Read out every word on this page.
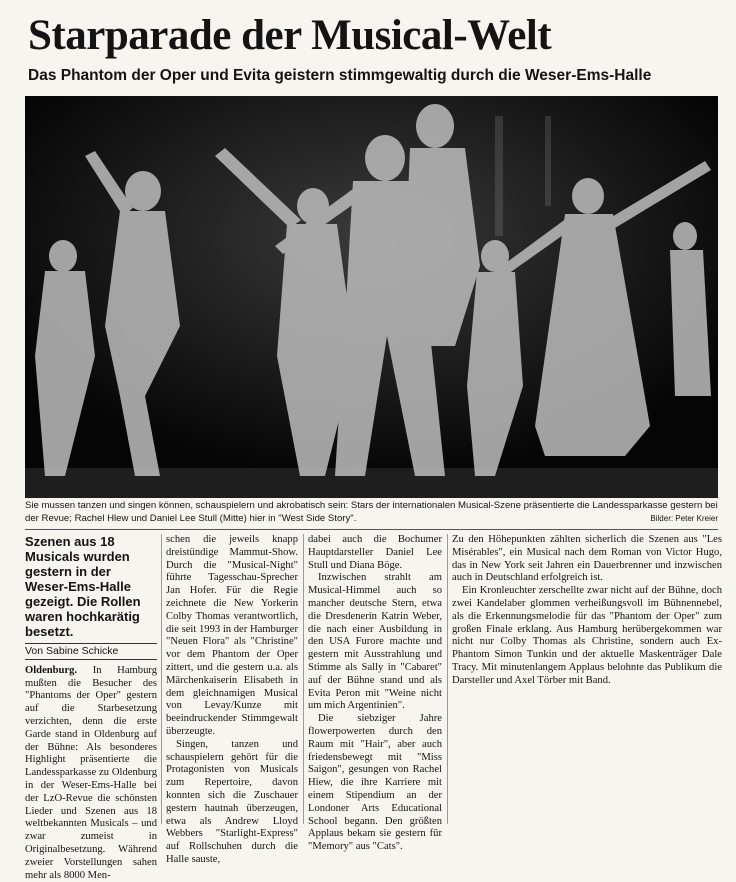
Starparade der Musical-Welt
Das Phantom der Oper und Evita geistern stimmgewaltig durch die Weser-Ems-Halle
Sie mussen tanzen und singen können, schauspielern und akrobatisch sein: Stars der internationalen Musical-Szene präsentierte die Landessparkasse gestern bei der Revue; Rachel Hlew und Daniel Lee Stull (Mitte) hier in "West Side Story".	Bilder: Peter Kreier
Szenen aus 18 Musicals wurden gestern in der Weser-Ems-Halle gezeigt. Die Rollen waren hochkarätig besetzt.
Von Sabine Schicke

Oldenburg. In Hamburg mußten die Besucher des "Phantoms der Oper" gestern auf die Starbesetzung verzichten, denn die erste Garde stand in Oldenburg auf der Bühne: Als besonderes Highlight präsentierte die Landessparkasse zu Oldenburg in der Weser-Ems-Halle bei der LzO-Revue die schönsten Lieder und Szenen aus 18 weltbekannten Musicals – und zwar zumeist in Originalbesetzung. Während zweier Vorstellungen sahen mehr als 8000 Men-

schen die jeweils knapp dreistündige Mammut-Show. Durch die "Musical-Night" führte Tagesschau-Sprecher Jan Hofer. Für die Regie zeichnete die New Yorkerin Colby Thomas verantwortlich, die seit 1993 in der Hamburger "Neuen Flora" als "Christine" vor dem Phantom der Oper zittert, und die gestern u.a. als Märchenkaiserin Elisabeth in dem gleichnamigen Musical von Levay/Kunze mit beeindruckender Stimmgewalt überzeugte.

Singen, tanzen und schauspielern gehört für die Protagonisten von Musicals zum Repertoire, davon konnten sich die Zuschauer gestern hautnah überzeugen, etwa als Andrew Lloyd Webbers "Starlight-Express" auf Rollschuhen durch die Halle sauste,

dabei auch die Bochumer Hauptdarsteller Daniel Lee Stull und Diana Böge.

Inzwischen strahlt am Musical-Himmel auch so mancher deutsche Stern, etwa die Dresdenerin Katrin Weber, die nach einer Ausbildung in den USA Furore machte und gestern mit Ausstrahlung und Stimme als Sally in "Cabaret" auf der Bühne stand und als Evita Peron mit "Weine nicht um mich Argentinien".

Die siebziger Jahre flowerpowerten durch den Raum mit "Hair", aber auch friedensbewegt mit "Miss Saigon", gesungen von Rachel Hiew, die ihre Karriere mit einem Stipendium an der Londoner Arts Educational School begann. Den größten Applaus bekam sie gestern für "Memory" aus "Cats".

Zu den Höhepunkten zählten sicherlich die Szenen aus "Les Misérables", ein Musical nach dem Roman von Victor Hugo, das in New York seit Jahren ein Dauerbrenner und inzwischen auch in Deutschland erfolgreich ist.

Ein Kronleuchter zerschellte zwar nicht auf der Bühne, doch zwei Kandelaber glommen verheißungsvoll im Bühnennebel, als die Erkennungsmelodie für das "Phantom der Oper" zum großen Finale erklang. Aus Hamburg herübergekommen war nicht nur Colby Thomas als Christine, sondern auch Ex-Phantom Simon Tunkin und der aktuelle Maskenträger Dale Tracy. Mit minutenlangem Applaus belohnte das Publikum die Darsteller und Axel Törber mit Band.
